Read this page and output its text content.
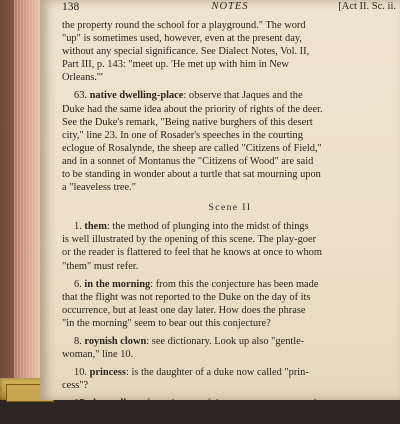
138	NOTES	[Act II. Sc. ii.

the property round the school for a playground." The word

"up" is sometimes used, however, even at the present day,

without any special significance. See Dialect Notes, Vol. II,

Part III, p. 143: "meet up. 'He met up with him in New

Orleans.'"

63. native dwelling-place: observe that Jaques and the

Duke had the same idea about the priority of rights of the deer.

See the Duke's remark, "Being native burghers of this desert

city," line 23. In one of Rosader's speeches in the courting

eclogue of Rosalynde, the sheep are called "Citizens of Field,"

and in a sonnet of Montanus the "Citizens of Wood" are said

to be standing in wonder about a turtle that sat mourning upon

a "leaveless tree."

Scene II

1. them: the method of plunging into the midst of things

is well illustrated by the opening of this scene. The play-goer

or the reader is flattered to feel that he knows at once to whom

"them" must refer.

6. in the morning: from this the conjecture has been made

that the flight was not reported to the Duke on the day of its

occurrence, but at least one day later. How does the phrase

"in the morning" seem to bear out this conjecture?

8. roynish clown: see dictionary. Look up also "gentle-

woman," line 10.

10. princess: is the daughter of a duke now called "prin-

cess"?

17. that gallant: from the rest of the passage, can you make

out to whom "gallant" refers? The pronouns are evidently
